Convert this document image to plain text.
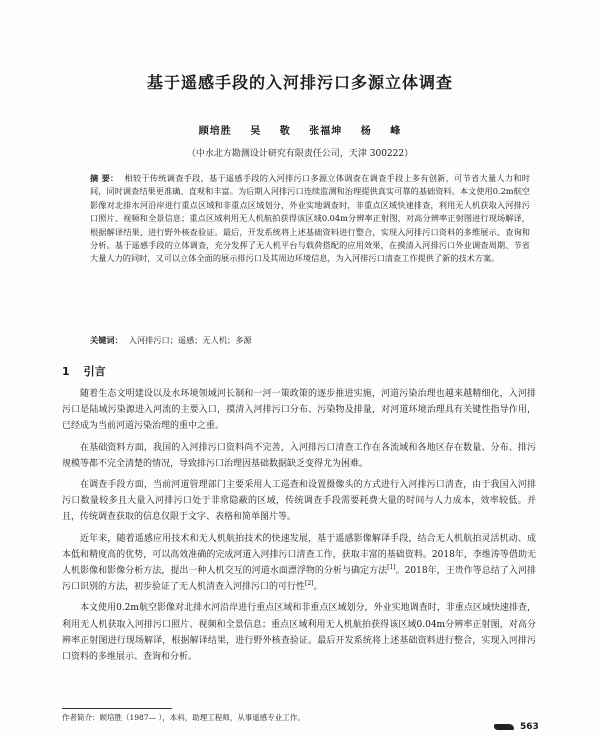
基于遥感手段的入河排污口多源立体调查
顾培胜 吴 敬 张福坤 杨 峰
（中水北方勘测设计研究有限责任公司，天津 300222）
摘 要： 相较于传统调查手段，基于遥感手段的入河排污口多源立体调查在调查手段上多有创新，可节省大量人力和时间，同时调查结果更准确、直观和丰富。为后期入河排污口连续监测和治理提供真实可靠的基础资料。本文使用0.2m航空影像对北排水河沿岸进行重点区域和非重点区域划分，外业实地调查时，非重点区域快速排查，利用无人机获取入河排污口照片、视频和全景信息；重点区域利用无人机航拍获得该区域0.04m分辨率正射图，对高分辨率正射图进行现场解译，根据解译结果，进行野外核查验证。最后，开发系统将上述基础资料进行整合，实现入河排污口资料的多维展示、查询和分析。基于遥感手段的立体调查，充分发挥了无人机平台与载荷搭配的应用效果，在摸清入河排污口外业调查周期、节省大量人力的同时，又可以立体全面的展示排污口及其周边环境信息，为入河排污口清查工作提供了新的技术方案。
关键词： 入河排污口；遥感；无人机；多源
1 引言

随着生态文明建设以及水环境领域河长制和一河一策政策的逐步推进实施，河道污染治理也越来越精细化，入河排污口是陆域污染源进入河流的主要入口，摸清入河排污口分布、污染物及排量，对河道环境治理具有关键性指导作用，已经成为当前河道污染治理的重中之重。

在基础资料方面，我国的入河排污口资料尚不完善，入河排污口清查工作在各流域和各地区存在数量、分布、排污规模等都不完全清楚的情况，导致排污口治理因基础数据缺乏变得尤为困难。

在调查手段方面，当前河道管理部门主要采用人工巡查和设置摄像头的方式进行入河排污口清查，由于我国入河排污口数量较多且大量入河排污口处于非常隐蔽的区域，传统调查手段需要耗费大量的时间与人力成本，效率较低。并且，传统调查获取的信息仅限于文字、表格和简单图片等。

近年来，随着遥感应用技术和无人机航拍技术的快速发展，基于遥感影像解译手段，结合无人机航拍灵活机动、成本低和精度高的优势，可以高效准确的完成河道入河排污口清查工作，获取丰富的基础资料。2018年，李维涛等借助无人机影像和影像分析方法，提出一种人机交互的河道水面漂浮物的分析与确定方法[1]。2018年，王贵作等总结了入河排污口识别的方法，初步验证了无人机清查入河排污口的可行性[2]。

本文使用0.2m航空影像对北排水河沿岸进行重点区域和非重点区域划分，外业实地调查时，非重点区域快速排查，利用无人机获取入河排污口照片、视频和全景信息；重点区域利用无人机航拍获得该区域0.04m分辨率正射图，对高分辨率正射图进行现场解译，根据解译结果，进行野外核查验证。最后开发系统将上述基础资料进行整合，实现入河排污口资料的多维展示、查询和分析。

作者简介：顾培胜（1987— ），本科，助理工程师，从事遥感专业工作。
563
